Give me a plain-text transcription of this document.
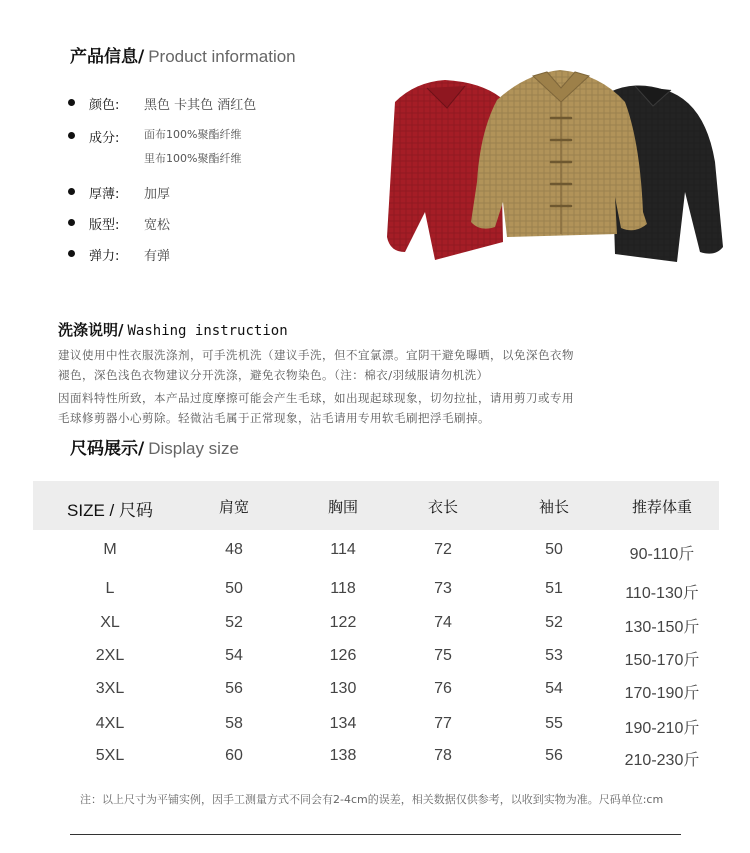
产品信息/ Product information
颜色:	黑色 卡其色 酒红色
成分:	面布100%聚酯纤维
里布100%聚酯纤维
厚薄:	加厚
版型:	宽松
弹力:	有弹
洗涤说明/ Washing instruction
建议使用中性衣服洗涤剂，可手洗机洗（建议手洗，但不宜氯漂。宜阴干避免曝晒，以免深色衣物
褪色，深色浅色衣物建议分开洗涤，避免衣物染色。（注：棉衣/羽绒服请勿机洗）
因面料特性所致，本产品过度摩擦可能会产生毛球，如出现起球现象，切勿拉扯，请用剪刀或专用
毛球修剪器小心剪除。轻微沾毛属于正常现象，沾毛请用专用软毛刷把浮毛刷掉。
尺码展示/ Display size
SIZE / 尺码	肩宽	胸围	衣长	袖长	推荐体重
M	48	114	72	50	90-110斤
L	50	118	73	51	110-130斤
XL	52	122	74	52	130-150斤
2XL	54	126	75	53	150-170斤
3XL	56	130	76	54	170-190斤
4XL	58	134	77	55	190-210斤
5XL	60	138	78	56	210-230斤
注：以上尺寸为平铺实例，因手工测量方式不同会有2-4cm的误差，相关数据仅供参考，以收到实物为准。尺码单位:cm
